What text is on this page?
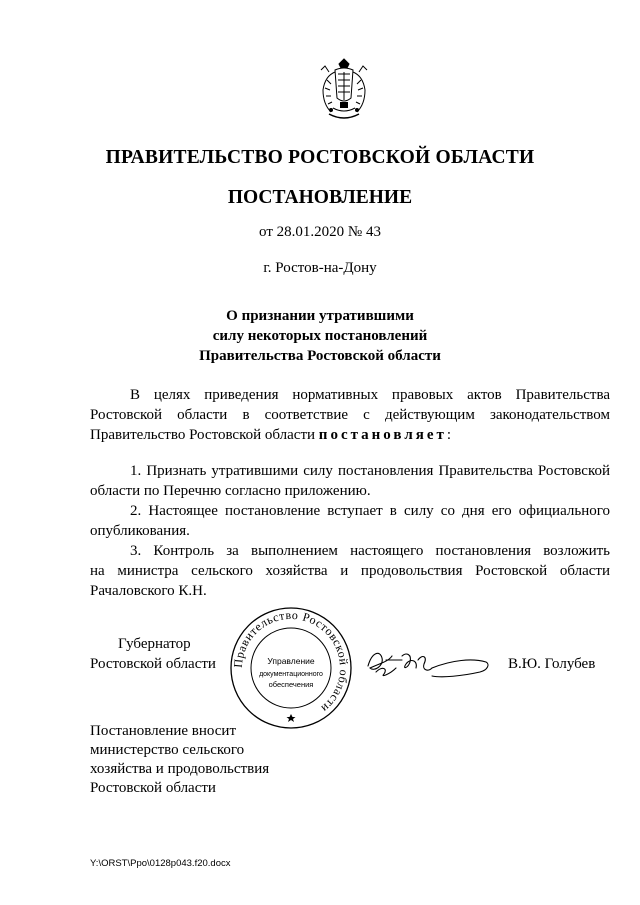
ПРАВИТЕЛЬСТВО РОСТОВСКОЙ ОБЛАСТИ
ПОСТАНОВЛЕНИЕ
от 28.01.2020 № 43
г. Ростов-на-Дону
О признании утратившими
силу некоторых постановлений
Правительства Ростовской области
В целях приведения нормативных правовых актов Правительства
Ростовской области в соответствие с действующим законодательством
Правительство Ростовской области постановляет:
1. Признать утратившими силу постановления Правительства Ростовской
области по Перечню согласно приложению.
2. Настоящее постановление вступает в силу со дня его официального
опубликования.
3. Контроль за выполнением настоящего постановления возложить
на министра сельского хозяйства и продовольствия Ростовской области
Рачаловского К.Н.
Губернатор
Ростовской области	В.Ю. Голубев
Правительство Ростовской области
Управление
документационного
обеспечения
Постановление вносит
министерство сельского
хозяйства и продовольствия
Ростовской области
Y:\ORST\Ppo\0128p043.f20.docx
